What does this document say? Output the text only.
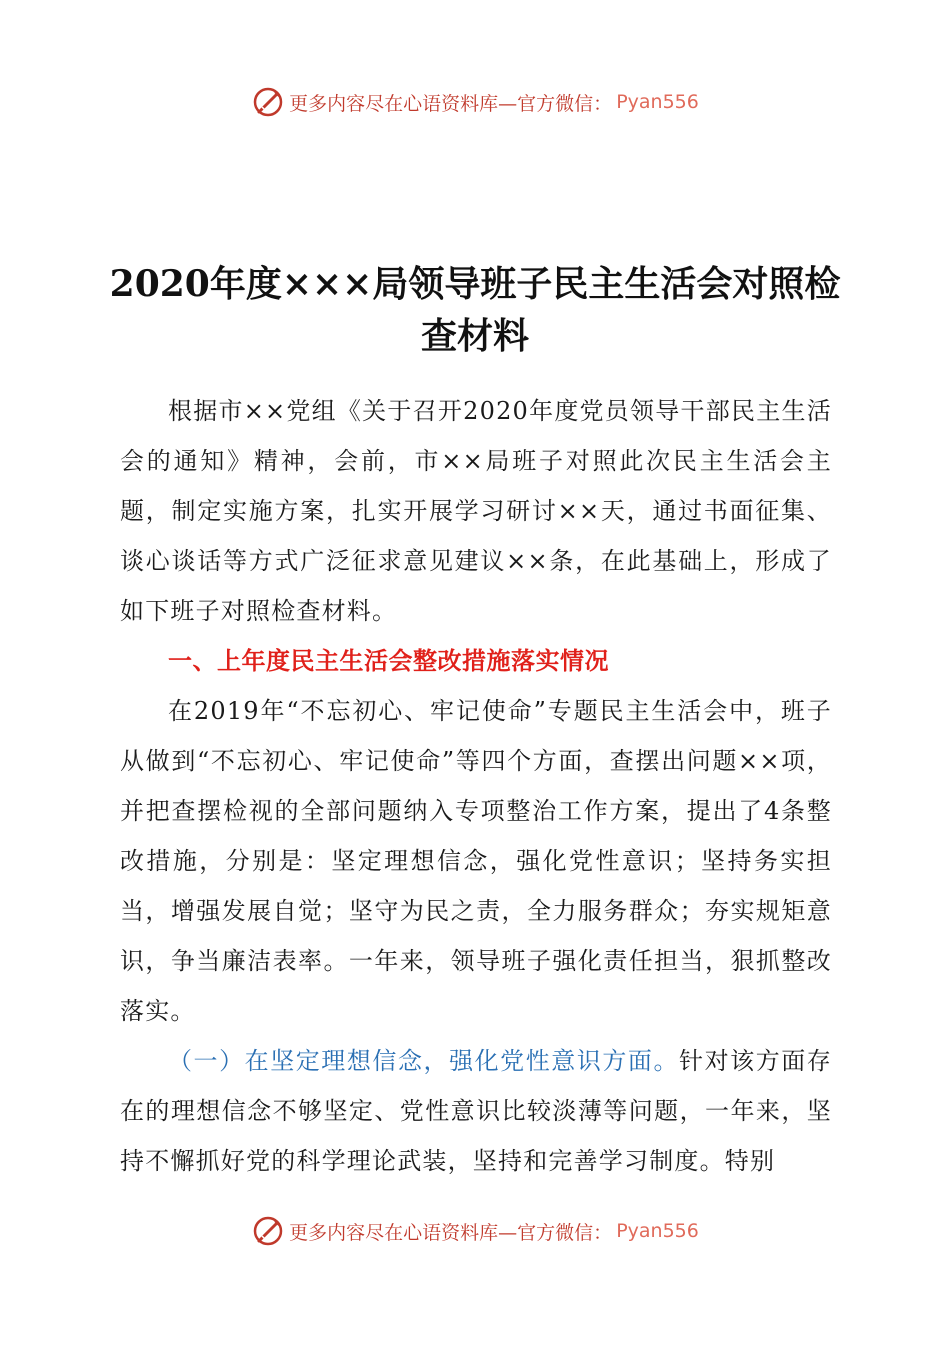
更多内容尽在心语资料库— 官方微信： Pyan556
2020年度×××局领导班子民主生活会对照检
查材料

根据市××党组《关于召开2020年度党员领导干部民主生活会的通知》精神，会前，市××局班子对照此次民主生活会主题，制定实施方案，扎实开展学习研讨××天，通过书面征集、谈心谈话等方式广泛征求意见建议××条，在此基础上，形成了如下班子对照检查材料。

一、上年度民主生活会整改措施落实情况

在2019年“不忘初心、牢记使命”专题民主生活会中，班子从做到“不忘初心、牢记使命”等四个方面，查摆出问题××项，并把查摆检视的全部问题纳入专项整治工作方案，提出了4条整改措施，分别是：坚定理想信念，强化党性意识；坚持务实担当，增强发展自觉；坚守为民之责，全力服务群众；夯实规矩意识，争当廉洁表率。一年来，领导班子强化责任担当，狠抓整改落实。

（一）在坚定理想信念，强化党性意识方面。针对该方面存在的理想信念不够坚定、党性意识比较淡薄等问题，一年来，坚持不懈抓好党的科学理论武装，坚持和完善学习制度。特别

更多内容尽在心语资料库— 官方微信： Pyan556
